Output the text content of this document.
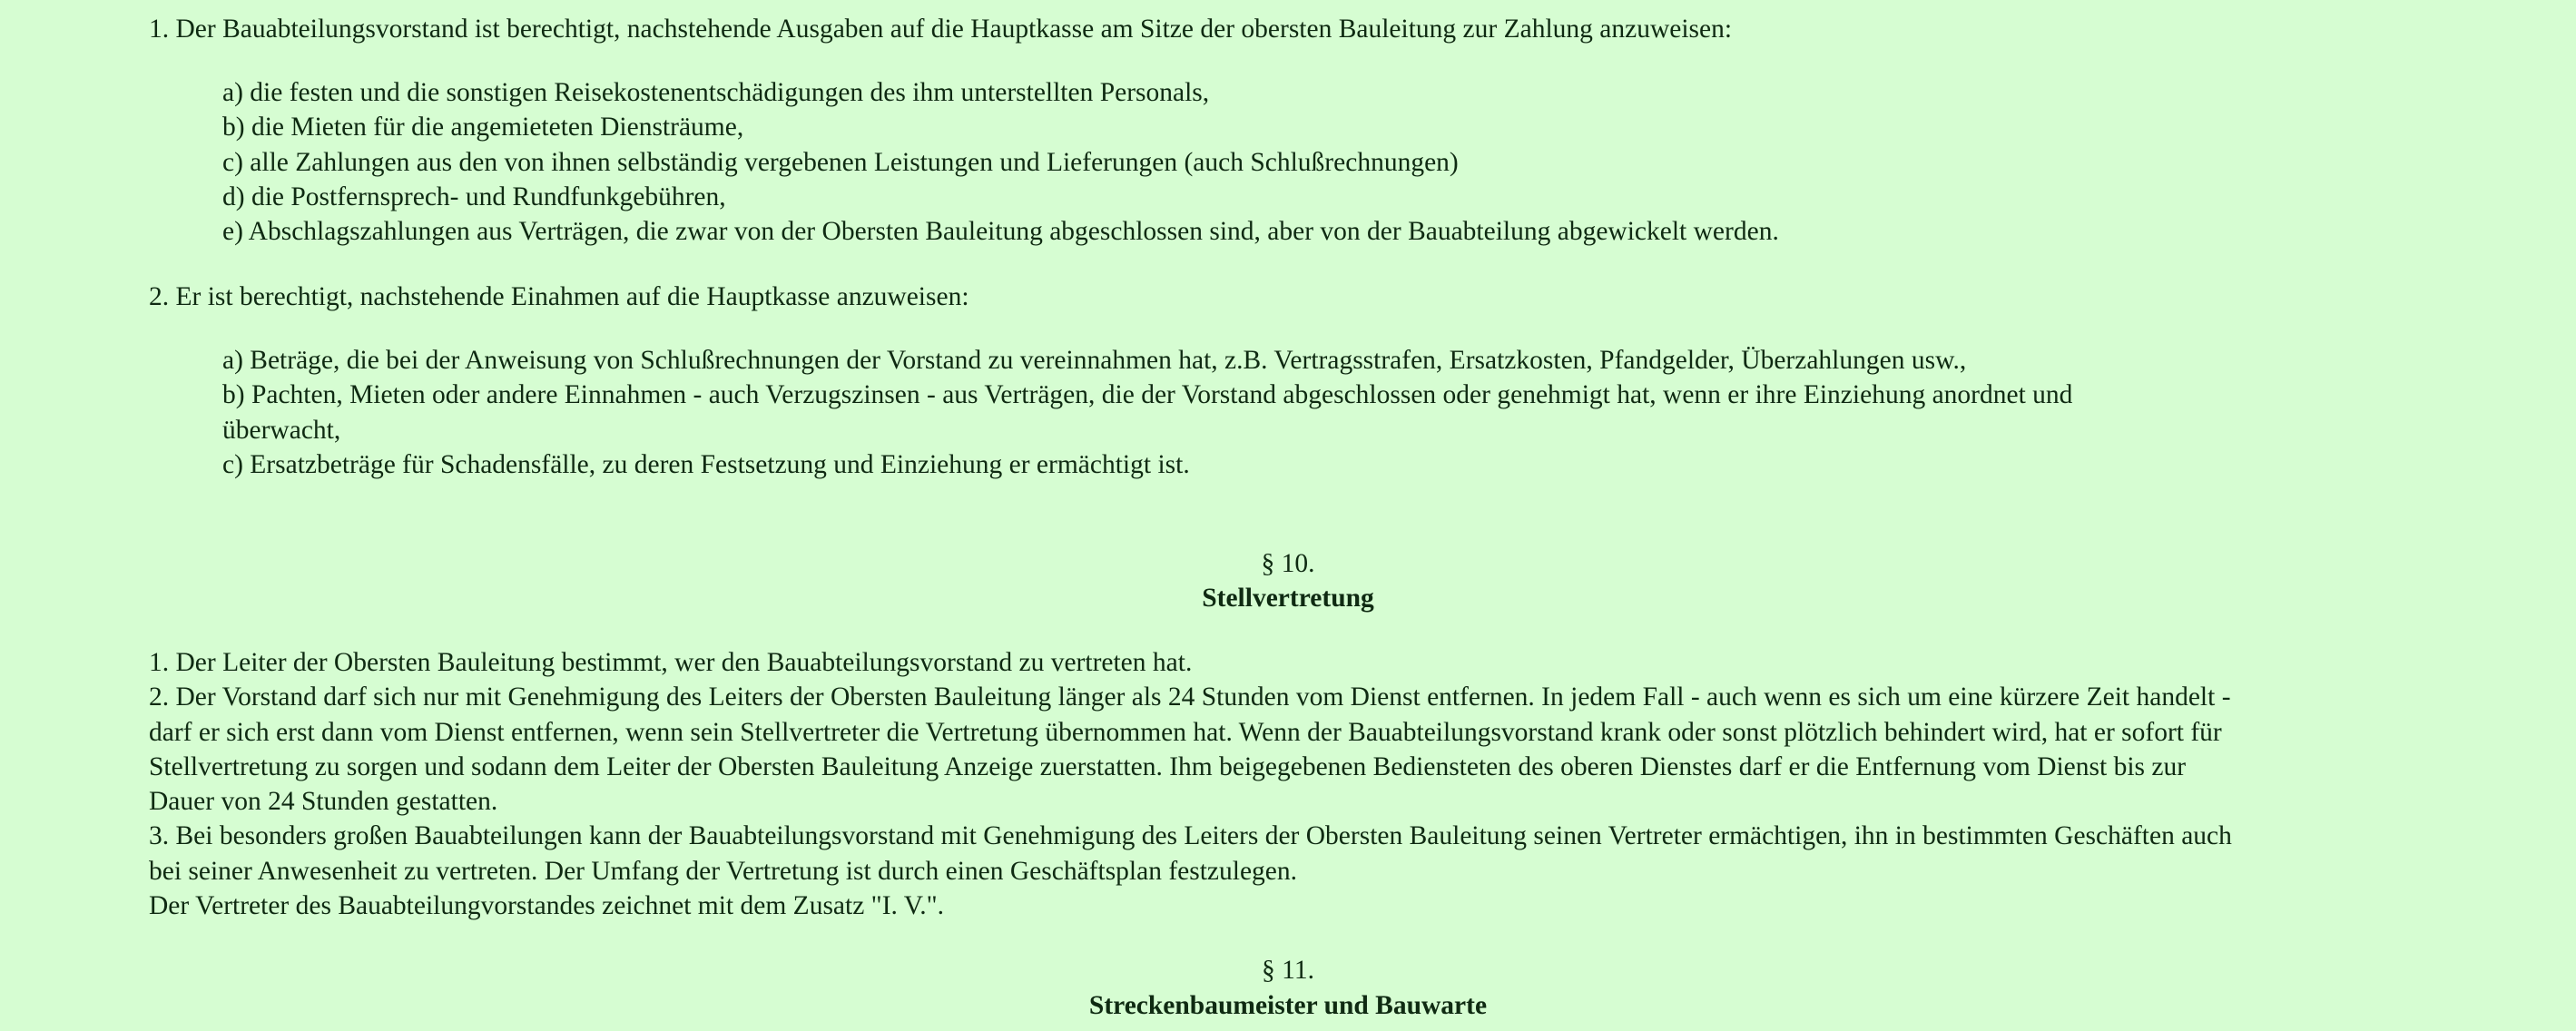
1. Der Bauabteilungsvorstand ist berechtigt, nachstehende Ausgaben auf die Hauptkasse am Sitze der obersten Bauleitung zur Zahlung anzuweisen:

a) die festen und die sonstigen Reisekostenentschädigungen des ihm unterstellten Personals,

b) die Mieten für die angemieteten Diensträume,

c) alle Zahlungen aus den von ihnen selbständig vergebenen Leistungen und Lieferungen (auch Schlußrechnungen)

d) die Postfernsprech- und Rundfunkgebühren,

e) Abschlagszahlungen aus Verträgen, die zwar von der Obersten Bauleitung abgeschlossen sind, aber von der Bauabteilung abgewickelt werden.

2. Er ist berechtigt, nachstehende Einahmen auf die Hauptkasse anzuweisen:

a) Beträge, die bei der Anweisung von Schlußrechnungen der Vorstand zu vereinnahmen hat, z.B. Vertragsstrafen, Ersatzkosten, Pfandgelder, Überzahlungen usw.,

b) Pachten, Mieten oder andere Einnahmen - auch Verzugszinsen - aus Verträgen, die der Vorstand abgeschlossen oder genehmigt hat, wenn er ihre Einziehung anordnet und

überwacht,

c) Ersatzbeträge für Schadensfälle, zu deren Festsetzung und Einziehung er ermächtigt ist.

§ 10.

Stellvertretung

1. Der Leiter der Obersten Bauleitung bestimmt, wer den Bauabteilungsvorstand zu vertreten hat.

2. Der Vorstand darf sich nur mit Genehmigung des Leiters der Obersten Bauleitung länger als 24 Stunden vom Dienst entfernen. In jedem Fall - auch wenn es sich um eine kürzere Zeit handelt -

darf er sich erst dann vom Dienst entfernen, wenn sein Stellvertreter die Vertretung übernommen hat. Wenn der Bauabteilungsvorstand krank oder sonst plötzlich behindert wird, hat er sofort für

Stellvertretung zu sorgen und sodann dem Leiter der Obersten Bauleitung Anzeige zuerstatten. Ihm beigegebenen Bediensteten des oberen Dienstes darf er die Entfernung vom Dienst bis zur

Dauer von 24 Stunden gestatten.

3. Bei besonders großen Bauabteilungen kann der Bauabteilungsvorstand mit Genehmigung des Leiters der Obersten Bauleitung seinen Vertreter ermächtigen, ihn in bestimmten Geschäften auch

bei seiner Anwesenheit zu vertreten. Der Umfang der Vertretung ist durch einen Geschäftsplan festzulegen.

Der Vertreter des Bauabteilungvorstandes zeichnet mit dem Zusatz "I. V.".

§ 11.

Streckenbaumeister und Bauwarte
